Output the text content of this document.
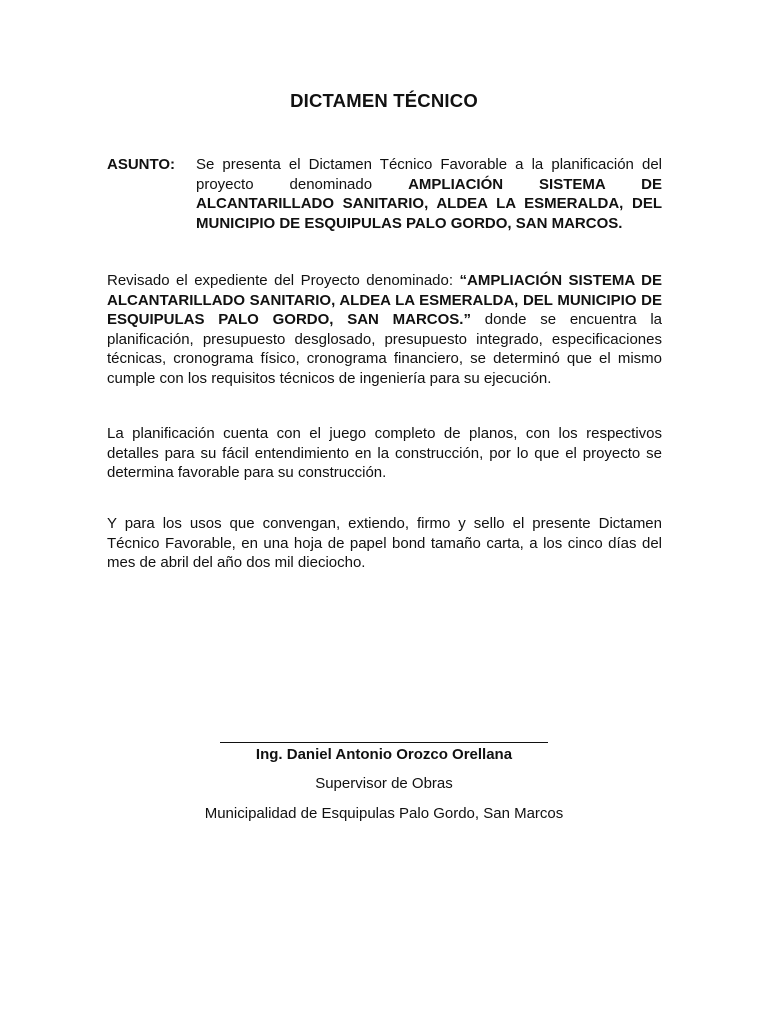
DICTAMEN TÉCNICO
ASUNTO: Se presenta el Dictamen Técnico Favorable a la planificación del proyecto denominado AMPLIACIÓN SISTEMA DE ALCANTARILLADO SANITARIO, ALDEA LA ESMERALDA, DEL MUNICIPIO DE ESQUIPULAS PALO GORDO, SAN MARCOS.
Revisado el expediente del Proyecto denominado: “AMPLIACIÓN SISTEMA DE ALCANTARILLADO SANITARIO, ALDEA LA ESMERALDA, DEL MUNICIPIO DE ESQUIPULAS PALO GORDO, SAN MARCOS.” donde se encuentra la planificación, presupuesto desglosado, presupuesto integrado, especificaciones técnicas, cronograma físico, cronograma financiero, se determinó que el mismo cumple con los requisitos técnicos de ingeniería para su ejecución.
La planificación cuenta con el juego completo de planos, con los respectivos detalles para su fácil entendimiento en la construcción, por lo que el proyecto se determina favorable para su construcción.
Y para los usos que convengan, extiendo, firmo y sello el presente Dictamen Técnico Favorable, en una hoja de papel bond tamaño carta, a los cinco días del mes de abril del año dos mil dieciocho.
Ing. Daniel Antonio Orozco Orellana
Supervisor de Obras
Municipalidad de Esquipulas Palo Gordo, San Marcos
